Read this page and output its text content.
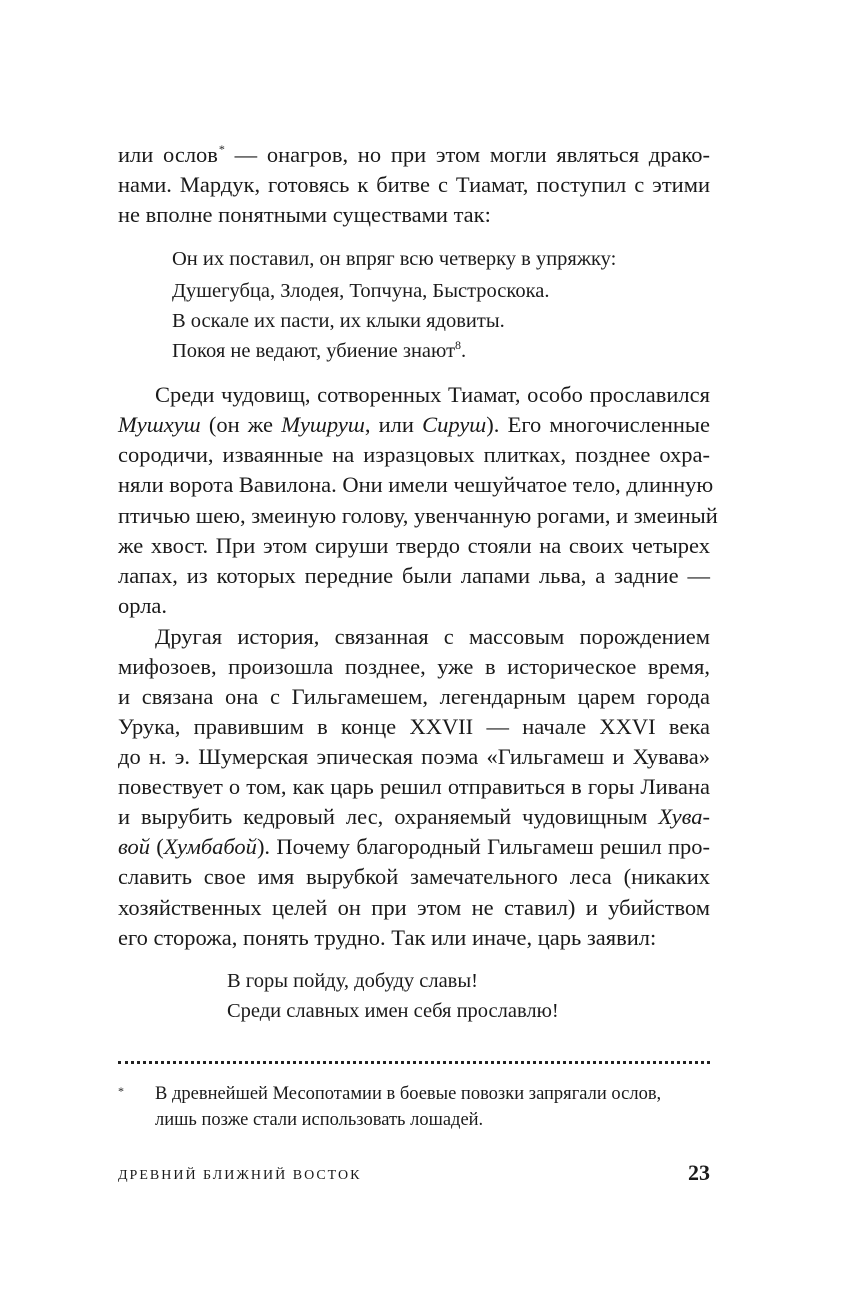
или ослов* — онагров, но при этом могли являться драко-
нами. Мардук, готовясь к битве с Тиамат, поступил с этими
не вполне понятными существами так:
Он их поставил, он впряг всю четверку в упряжку:
Душегубца, Злодея, Топчуна, Быстроскока.
В оскале их пасти, их клыки ядовиты.
Покоя не ведают, убиение знают$^8$.
Среди чудовищ, сотворенных Тиамат, особо прославился
Мушхуш (он же Мушруш, или Сируш). Его многочисленные
сородичи, изваянные на изразцовых плитках, позднее охра-
няли ворота Вавилона. Они имели чешуйчатое тело, длинную
птичью шею, змеиную голову, увенчанную рогами, и змеиный
же хвост. При этом сируши твердо стояли на своих четырех
лапах, из которых передние были лапами льва, а задние —
орла.
Другая история, связанная с массовым порождением
мифозоев, произошла позднее, уже в историческое время,
и связана она с Гильгамешем, легендарным царем города
Урука, правившим в конце XXVII — начале XXVI века
до н. э. Шумерская эпическая поэма «Гильгамеш и Хувава»
повествует о том, как царь решил отправиться в горы Ливана
и вырубить кедровый лес, охраняемый чудовищным Хува-
вой (Хумбабой). Почему благородный Гильгамеш решил про-
славить свое имя вырубкой замечательного леса (никаких
хозяйственных целей он при этом не ставил) и убийством
его сторожа, понять трудно. Так или иначе, царь заявил:
В горы пойду, добуду славы!
Среди славных имен себя прославлю!
* В древнейшей Месопотамии в боевые повозки запрягали ослов,
лишь позже стали использовать лошадей.
ДРЕВНИЙ БЛИЖНИЙ ВОСТОК	23
